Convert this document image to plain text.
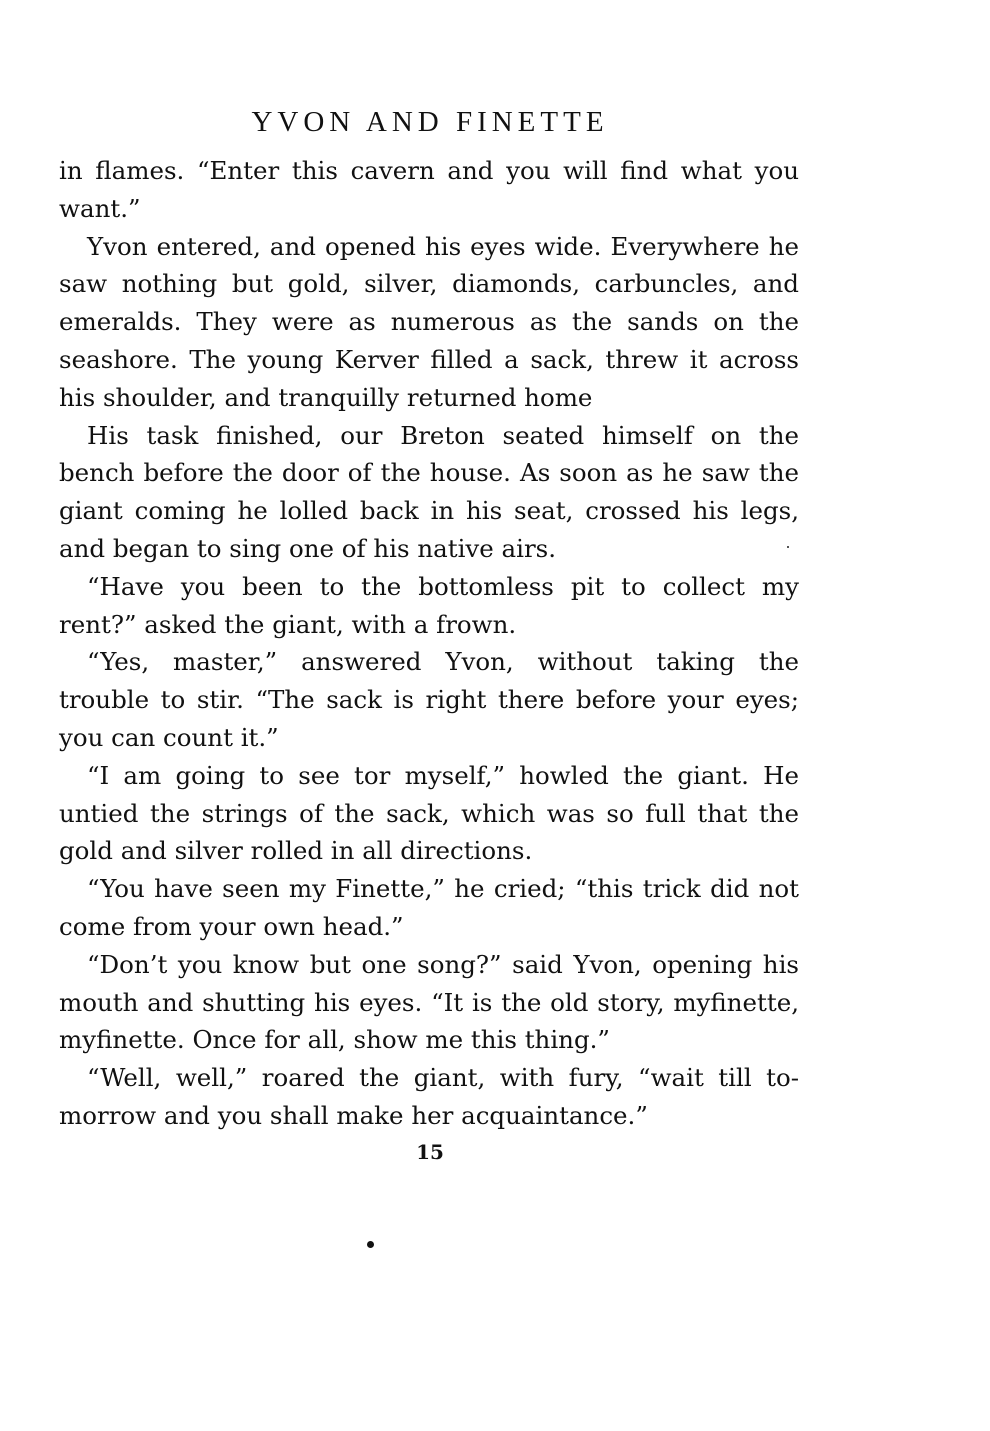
YVON AND FINETTE

in flames. “Enter this cavern and you will find what you want.”

Yvon entered, and opened his eyes wide. Everywhere he saw nothing but gold, silver, diamonds, carbuncles, and emeralds. They were as numerous as the sands on the seashore. The young Kerver filled a sack, threw it across his shoulder, and tranquilly returned home

His task finished, our Breton seated himself on the bench before the door of the house. As soon as he saw the giant coming he lolled back in his seat, crossed his legs, and began to sing one of his native airs.

“Have you been to the bottomless pit to collect my rent?” asked the giant, with a frown.

“Yes, master,” answered Yvon, without taking the trouble to stir. “The sack is right there before your eyes; you can count it.”

“I am going to see tor myself,” howled the giant. He untied the strings of the sack, which was so full that the gold and silver rolled in all directions.

“You have seen my Finette,” he cried; “this trick did not come from your own head.”

“Don’t you know but one song?” said Yvon, opening his mouth and shutting his eyes. “It is the old story, myfinette, myfinette. Once for all, show me this thing.”

“Well, well,” roared the giant, with fury, “wait till tomorrow and you shall make her acquaintance.”

15
